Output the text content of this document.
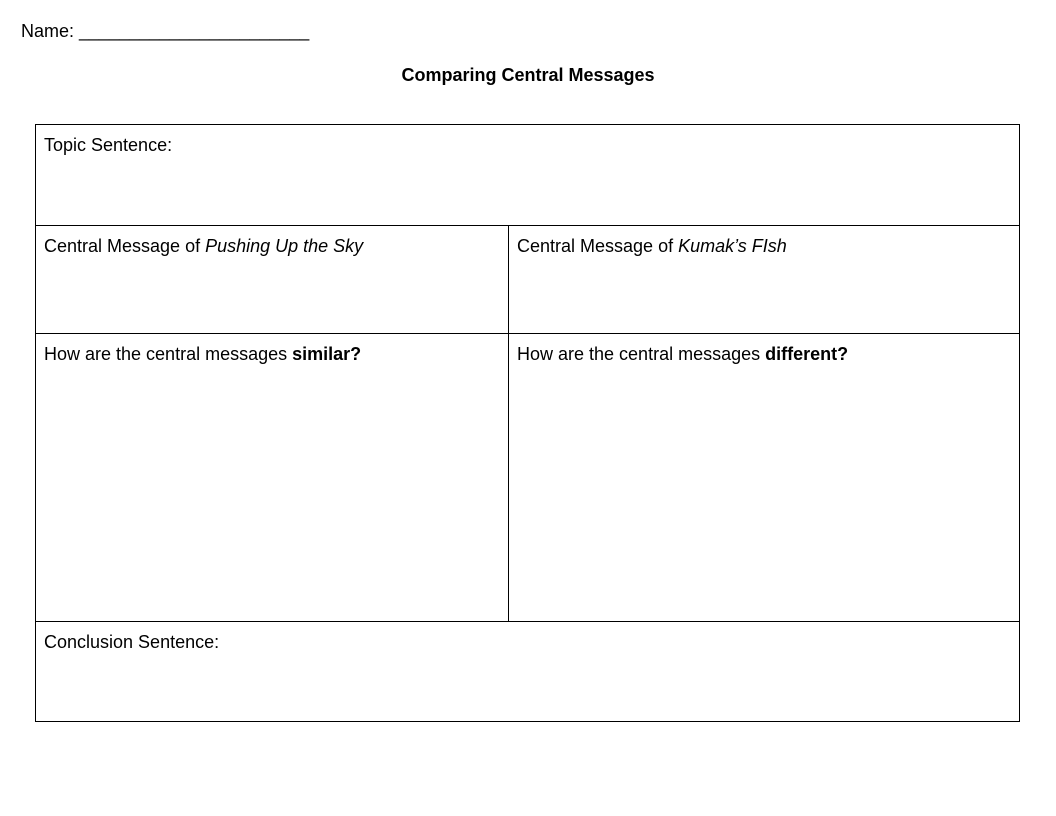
Name: _______________________
Comparing Central Messages
Topic Sentence:	
Central Message of Pushing Up the Sky	Central Message of Kumak’s FIsh
How are the central messages similar?	How are the central messages different?
Conclusion Sentence:	
